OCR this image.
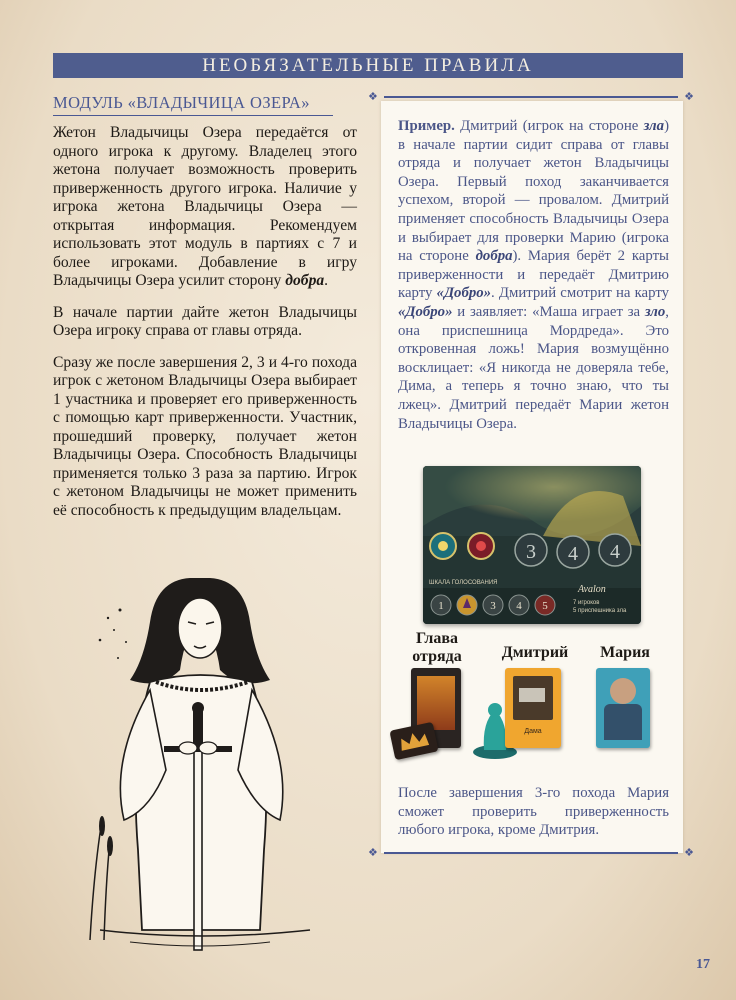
НЕОБЯЗАТЕЛЬНЫЕ ПРАВИЛА
МОДУЛЬ «ВЛАДЫЧИЦА ОЗЕРА»	❖	❖

Жетон Владычицы Озера передаётся от одного игрока к другому. Владелец этого жетона получает возможность проверить приверженность другого игрока. Наличие у игрока жетона Владычицы Озера — открытая информация. Рекомендуем использовать этот модуль в партиях с 7 и более игроками. Добавление в игру Владычицы Озера усилит сторону добра.

В начале партии дайте жетон Владычицы Озера игроку справа от главы отряда.

Сразу же после завершения 2, 3 и 4-го похода игрок с жетоном Владычицы Озера выбирает 1 участника и проверяет его приверженность с помощью карт приверженности. Участник, прошедший проверку, получает жетон Владычицы Озера. Способность Владычицы применяется только 3 раза за партию. Игрок с жетоном Владычицы не может применить её способность к предыдущим владельцам.

Пример. Дмитрий (игрок на стороне зла) в начале партии сидит справа от главы отряда и получает жетон Владычицы Озера. Первый поход заканчивается успехом, второй — провалом. Дмитрий применяет способность Владычицы Озера и выбирает для проверки Марию (игрока на стороне добра). Мария берёт 2 карты приверженности и передаёт Дмитрию карту «Добро». Дмитрий смотрит на карту «Добро» и заявляет: «Маша играет за зло, она приспешница Мордреда». Это откровенная ложь! Мария возмущённо восклицает: «Я никогда не доверяла тебе, Дима, а теперь я точно знаю, что ты лжец». Дмитрий передаёт Марии жетон Владычицы Озера.
3 4 4
ШКАЛА ГОЛОСОВАНИЯ
1	3 4 5
Avalon
7 игроков
5 приспешника зла
Глава
отряда	Дмитрий	Мария
Дама
После завершения 3-го похода Мария сможет проверить приверженность любого игрока, кроме Дмитрия.
❖	❖
17
